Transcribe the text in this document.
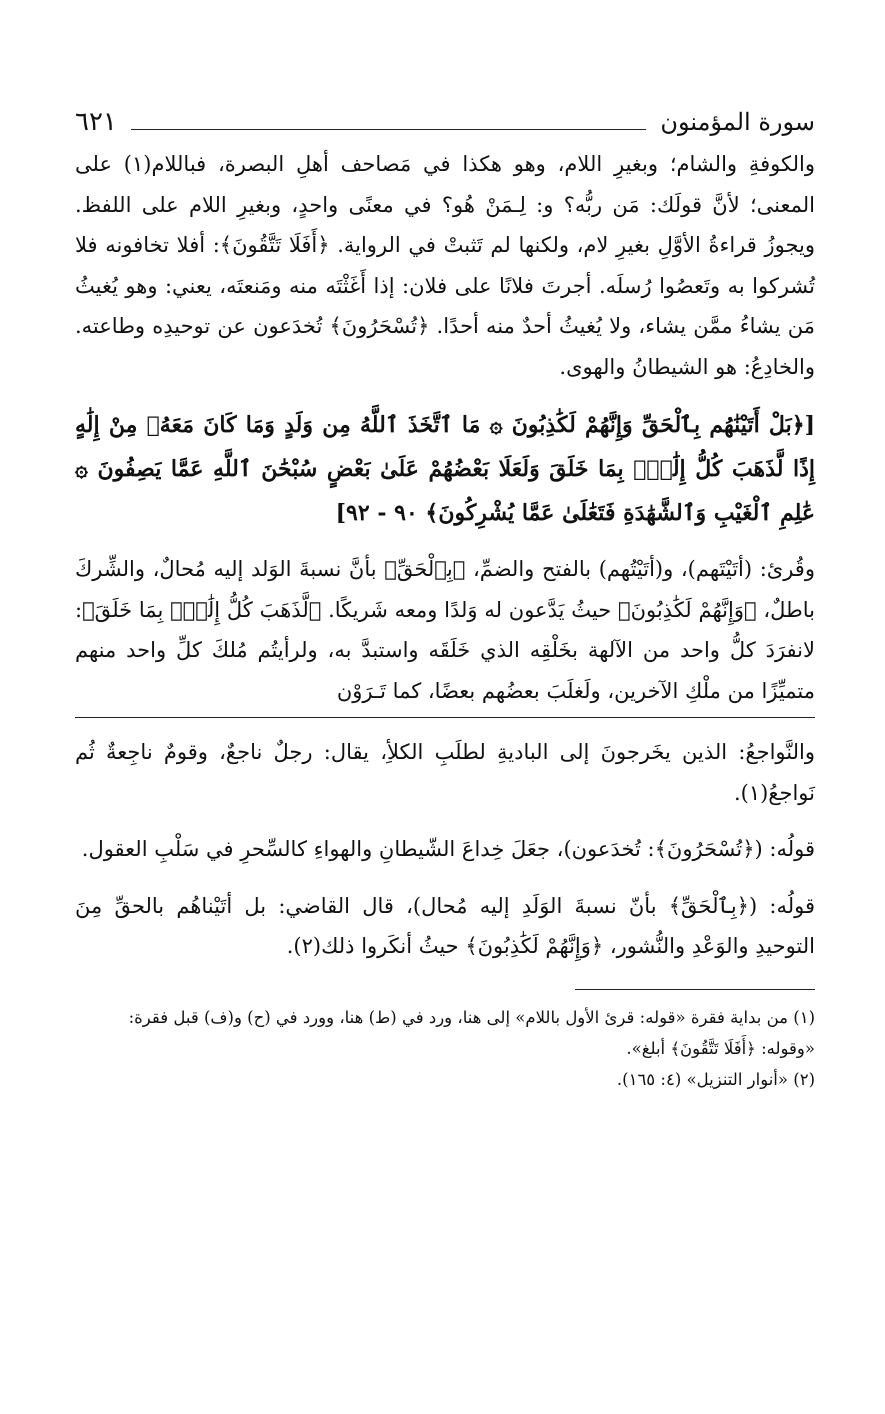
سورة المؤمنون
٦٢١

والكوفةِ والشام؛ وبغيرِ اللام، وهو هكذا في مَصاحف أهلِ البصرة، فباللام(١) على المعنى؛ لأنَّ قولَك: مَن ربُّه؟ و: لِـمَنْ هُو؟ في معنًى واحدٍ، وبغيرِ اللام على اللفظ. ويجوزُ قراءةُ الأوَّلِ بغيرِ لام، ولكنها لم تَثبتْ في الرواية. ﴿أَفَلَا تَتَّقُونَ﴾: أفلا تخافونه فلا تُشركوا به وتَعصُوا رُسلَه. أجرتَ فلانًا على فلان: إذا أَغَثْتَه منه ومَنعتَه، يعني: وهو يُغيثُ مَن يشاءُ ممَّن يشاء، ولا يُغيثُ أحدٌ منه أحدًا. ﴿تُسْحَرُونَ﴾ تُخدَعون عن توحيدِه وطاعته. والخادِعُ: هو الشيطانُ والهوى.

[﴿بَلْ أَتَيْنَٰهُم بِٱلْحَقِّ وَإِنَّهُمْ لَكَٰذِبُونَ ۞ مَا ٱتَّخَذَ ٱللَّهُ مِن وَلَدٍ وَمَا كَانَ مَعَهُۥ مِنْ إِلَٰهٍ إِذًا لَّذَهَبَ كُلُّ إِلَٰهٍۭ بِمَا خَلَقَ وَلَعَلَا بَعْضُهُمْ عَلَىٰ بَعْضٍ سُبْحَٰنَ ٱللَّهِ عَمَّا يَصِفُونَ ۞ عَٰلِمِ ٱلْغَيْبِ وَٱلشَّهَٰدَةِ فَتَعَٰلَىٰ عَمَّا يُشْرِكُونَ﴾ ٩٠ - ٩٢]

وقُرئ: (أتَيْتَهم)، و(أتَيْتُهم) بالفتح والضمِّ، ﴿بِٱلْحَقِّ﴾ بأنَّ نسبةَ الوَلد إليه مُحالٌ، والشِّركَ باطلٌ، ﴿وَإِنَّهُمْ لَكَٰذِبُونَ﴾ حيثُ يَدَّعون له وَلدًا ومعه شَريكًا. ﴿لَّذَهَبَ كُلُّ إِلَٰهٍۭ بِمَا خَلَقَ﴾: لانفرَدَ كلُّ واحد من الآلهة بخَلْقِه الذي خَلَقَه واستبدَّ به، ولرأيتُم مُلكَ كلِّ واحد منهم متميِّزًا من ملْكِ الآخرين، ولَغلَبَ بعضُهم بعضًا، كما تَـرَوْن

والنَّواجعُ: الذين يخَرجونَ إلى الباديةِ لطلَبِ الكلأِ، يقال: رجلٌ ناجعٌ، وقومٌ ناجِعةٌ ثُم نَواجعُ(١).

قولُه: (﴿تُسْحَرُونَ﴾: تُخدَعون)، جعَلَ خِداعَ الشّيطانِ والهواءِ كالسِّحرِ في سَلْبِ العقول.

قولُه: (﴿بِٱلْحَقِّ﴾ بأنّ نسبةَ الوَلَدِ إليه مُحال)، قال القاضي: بل أتَيْناهُم بالحقِّ مِنَ التوحيدِ والوَعْدِ والنُّشور، ﴿وَإِنَّهُمْ لَكَٰذِبُونَ﴾ حيثُ أنكَروا ذلك(٢).

(١) من بداية فقرة «قوله: قرئ الأول باللام» إلى هنا، ورد في (ط) هنا، وورد في (ح) و(ف) قبل فقرة:

«وقوله: ﴿أَفَلَا تَتَّقُونَ﴾ أبلغ».

(٢) «أنوار التنزيل» (٤: ١٦٥).
